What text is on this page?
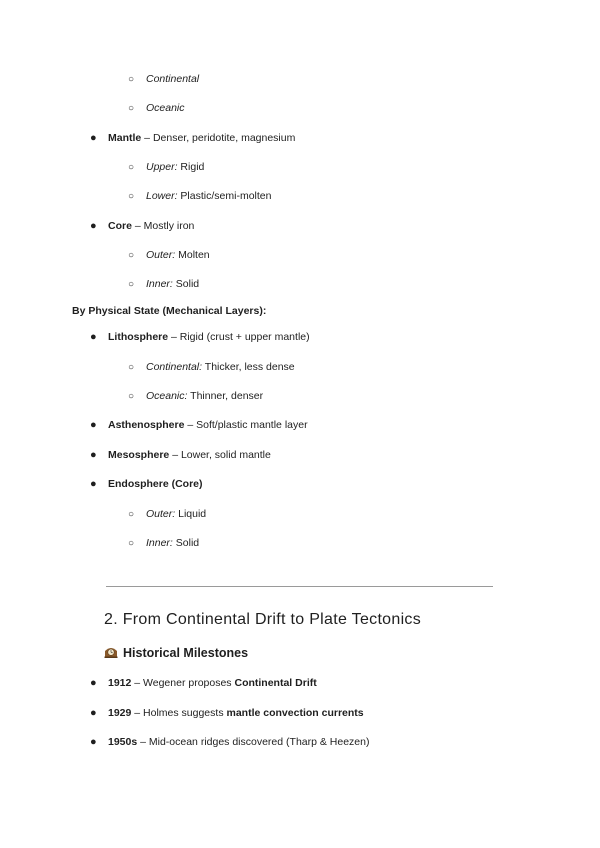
○ Continental
○ Oceanic
● Mantle – Denser, peridotite, magnesium
○ Upper: Rigid
○ Lower: Plastic/semi-molten
● Core – Mostly iron
○ Outer: Molten
○ Inner: Solid
By Physical State (Mechanical Layers):
● Lithosphere – Rigid (crust + upper mantle)
○ Continental: Thicker, less dense
○ Oceanic: Thinner, denser
● Asthenosphere – Soft/plastic mantle layer
● Mesosphere – Lower, solid mantle
● Endosphere (Core)
○ Outer: Liquid
○ Inner: Solid
2. From Continental Drift to Plate Tectonics
Historical Milestones
● 1912 – Wegener proposes Continental Drift
● 1929 – Holmes suggests mantle convection currents
● 1950s – Mid-ocean ridges discovered (Tharp & Heezen)
